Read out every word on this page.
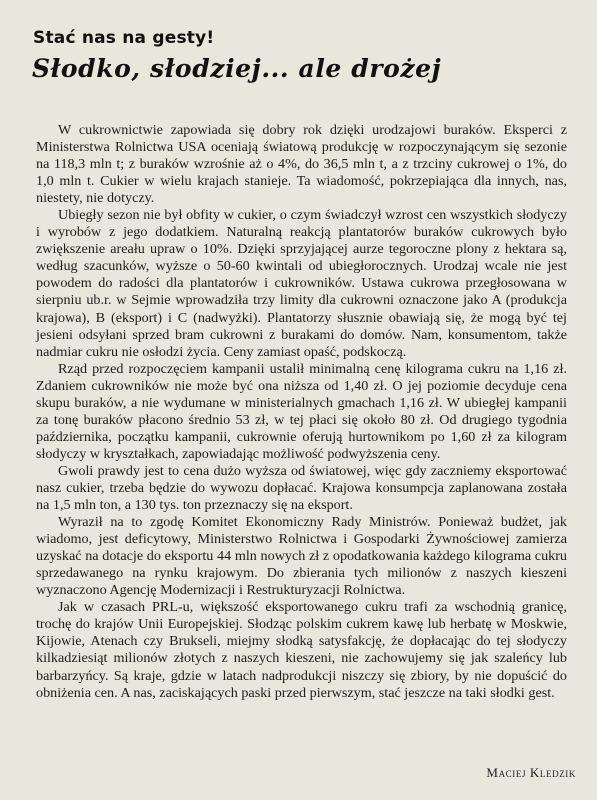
Stać nas na gesty!
Słodko, słodziej... ale drożej

W cukrownictwie zapowiada się dobry rok dzięki urodzajowi buraków. Eksperci z Ministerstwa Rolnictwa USA oceniają światową produkcję w rozpoczynającym się sezonie na 118,3 mln t; z buraków wzrośnie aż o 4%, do 36,5 mln t, a z trzciny cukrowej o 1%, do 1,0 mln t. Cukier w wielu krajach stanieje. Ta wiadomość, pokrzepiająca dla innych, nas, niestety, nie dotyczy.

Ubiegły sezon nie był obfity w cukier, o czym świadczył wzrost cen wszystkich słodyczy i wyrobów z jego dodatkiem. Naturalną reakcją plantatorów buraków cukrowych było zwiększenie areału upraw o 10%. Dzięki sprzyjającej aurze tegoroczne plony z hektara są, według szacunków, wyższe o 50-60 kwintali od ubiegłorocznych. Urodzaj wcale nie jest powodem do radości dla plantatorów i cukrowników. Ustawa cukrowa przegłosowana w sierpniu ub.r. w Sejmie wprowadziła trzy limity dla cukrowni oznaczone jako A (produkcja krajowa), B (eksport) i C (nadwyżki). Plantatorzy słusznie obawiają się, że mogą być tej jesieni odsyłani sprzed bram cukrowni z burakami do domów. Nam, konsumentom, także nadmiar cukru nie osłodzi życia. Ceny zamiast opaść, podskoczą.

Rząd przed rozpoczęciem kampanii ustalił minimalną cenę kilograma cukru na 1,16 zł. Zdaniem cukrowników nie może być ona niższa od 1,40 zł. O jej poziomie decyduje cena skupu buraków, a nie wydumane w ministerialnych gmachach 1,16 zł. W ubiegłej kampanii za tonę buraków płacono średnio 53 zł, w tej płaci się około 80 zł. Od drugiego tygodnia października, początku kampanii, cukrownie oferują hurtownikom po 1,60 zł za kilogram słodyczy w kryształkach, zapowiadając możliwość podwyższenia ceny.

Gwoli prawdy jest to cena dużo wyższa od światowej, więc gdy zaczniemy eksportować nasz cukier, trzeba będzie do wywozu dopłacać. Krajowa konsumpcja zaplanowana została na 1,5 mln ton, a 130 tys. ton przeznaczy się na eksport.

Wyraził na to zgodę Komitet Ekonomiczny Rady Ministrów. Ponieważ budżet, jak wiadomo, jest deficytowy, Ministerstwo Rolnictwa i Gospodarki Żywnościowej zamierza uzyskać na dotacje do eksportu 44 mln nowych zł z opodatkowania każdego kilograma cukru sprzedawanego na rynku krajowym. Do zbierania tych milionów z naszych kieszeni wyznaczono Agencję Modernizacji i Restrukturyzacji Rolnictwa.

Jak w czasach PRL-u, większość eksportowanego cukru trafi za wschodnią granicę, trochę do krajów Unii Europejskiej. Słodząc polskim cukrem kawę lub herbatę w Moskwie, Kijowie, Atenach czy Brukseli, miejmy słodką satysfakcję, że dopłacając do tej słodyczy kilkadziesiąt milionów złotych z naszych kieszeni, nie zachowujemy się jak szaleńcy lub barbarzyńcy. Są kraje, gdzie w latach nadprodukcji niszczy się zbiory, by nie dopuścić do obniżenia cen. A nas, zaciskających paski przed pierwszym, stać jeszcze na taki słodki gest.

Maciej Kledzik
